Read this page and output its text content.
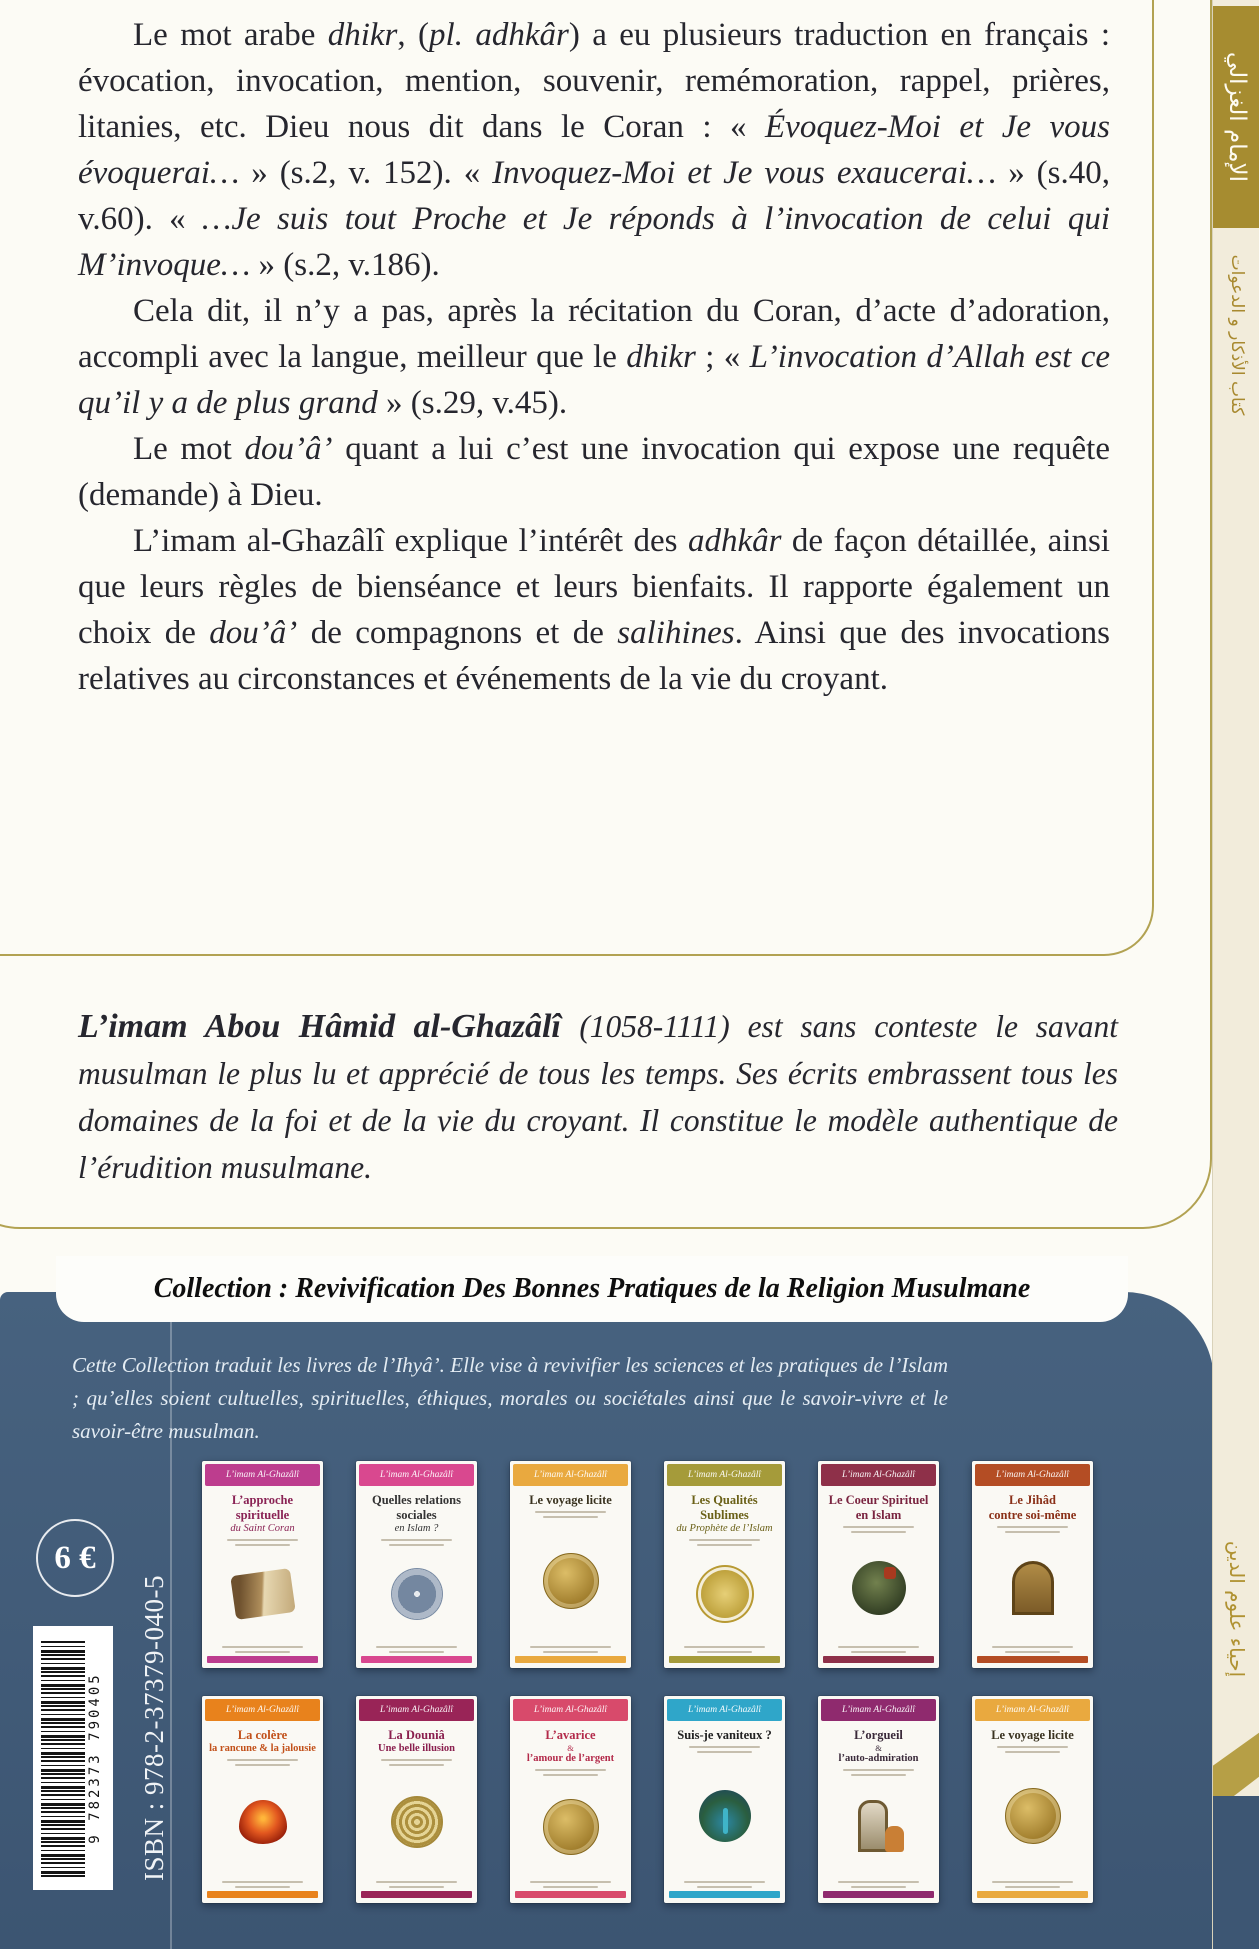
Le mot arabe dhikr, (pl. adhkâr) a eu plusieurs traduction en français : évocation, invocation, mention, souvenir, remémoration, rappel, prières, litanies, etc. Dieu nous dit dans le Coran : « Évoquez-Moi et Je vous évoquerai… » (s.2, v. 152). « Invoquez-Moi et Je vous exaucerai… » (s.40, v.60). « …Je suis tout Proche et Je réponds à l’invocation de celui qui M’invoque… » (s.2, v.186).

Cela dit, il n’y a pas, après la récitation du Coran, d’acte d’adoration, accompli avec la langue, meilleur que le dhikr ; « L’invocation d’Allah est ce qu’il y a de plus grand » (s.29, v.45).

Le mot dou’â’ quant a lui c’est une invocation qui expose une requête (demande) à Dieu.

L’imam al-Ghazâlî explique l’intérêt des adhkâr de façon détaillée, ainsi que leurs règles de bienséance et leurs bienfaits. Il rapporte également un choix de dou’â’ de compagnons et de salihines. Ainsi que des invocations relatives au circonstances et événements de la vie du croyant.

L’imam Abou Hâmid al-Ghazâlî (1058-1111) est sans conteste le savant musulman le plus lu et apprécié de tous les temps. Ses écrits embrassent tous les domaines de la foi et de la vie du croyant. Il constitue le modèle authentique de l’érudition musulmane.
Collection : Revivification Des Bonnes Pratiques de la Religion Musulmane
Cette Collection traduit les livres de l’Ihyâ’. Elle vise à revivifier les sciences et les pratiques de l’Islam ; qu’elles soient cultuelles, spirituelles, éthiques, morales ou sociétales ainsi que le savoir-vivre et le savoir-être musulman.
L’imam Al-Ghazâlî
L’approche spirituelle
du Saint Coran
L’imam Al-Ghazâlî
Quelles relations sociales
en Islam ?
L’imam Al-Ghazâlî
Le voyage licite
L’imam Al-Ghazâlî
Les Qualités Sublimes
du Prophète de l’Islam
L’imam Al-Ghazâlî
Le Coeur Spirituel en Islam
L’imam Al-Ghazâlî
Le Jihâd
contre soi-même
L’imam Al-Ghazâlî
La colère
la rancune & la jalousie
L’imam Al-Ghazâlî
La Douniâ
Une belle illusion
L’imam Al-Ghazâlî
L’avarice
&
l’amour de l’argent
L’imam Al-Ghazâlî
Suis-je vaniteux ?
L’imam Al-Ghazâlî
L’orgueil
&
l’auto-admiration
L’imam Al-Ghazâlî
Le voyage licite
6 €
9 782373 790405 ISBN : 978-2-37379-040-5
الإمام الغزالي
كتاب الأذكار و الدعوات
إحياء علوم الدين
